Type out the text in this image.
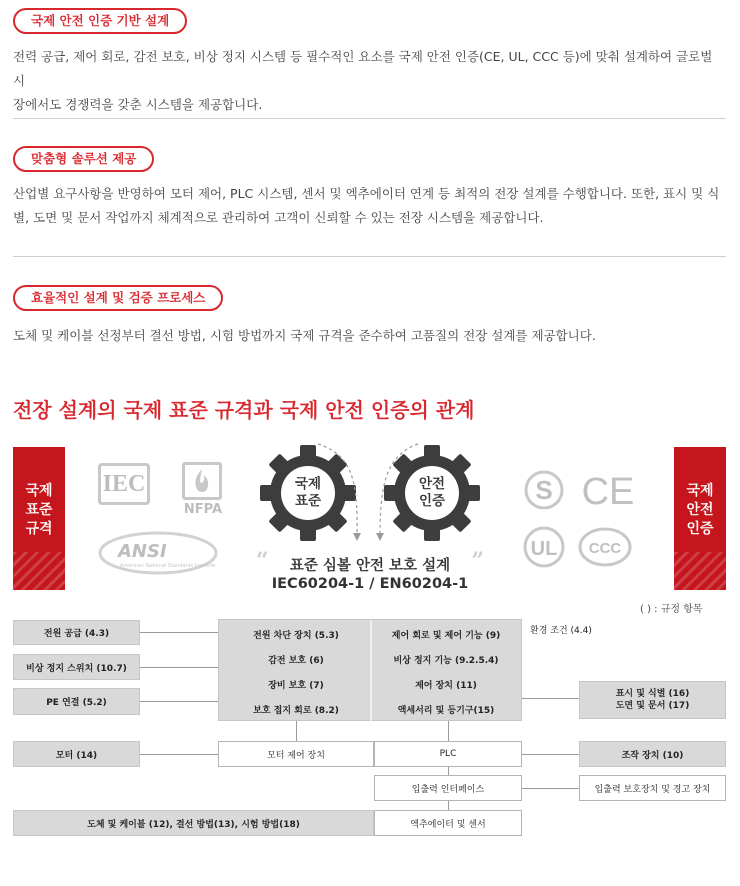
국제 안전 인증 기반 설계
전력 공급, 제어 회로, 감전 보호, 비상 정지 시스템 등 필수적인 요소를 국제 안전 인증(CE, UL, CCC 등)에 맞춰 설계하여 글로벌 시
장에서도 경쟁력을 갖춘 시스템을 제공합니다.
맞춤형 솔루션 제공
산업별 요구사항을 반영하여 모터 제어, PLC 시스템, 센서 및 엑추에이터 연계 등 최적의 전장 설계를 수행합니다. 또한, 표시 및 식
별, 도면 및 문서 작업까지 체계적으로 관리하여 고객이 신뢰할 수 있는 전장 시스템을 제공합니다.
효율적인 설계 및 검증 프로세스
도체 및 케이블 선정부터 결선 방법, 시험 방법까지 국제 규격을 준수하여 고품질의 전장 설계를 제공합니다.
전장 설계의 국제 표준 규격과 국제 안전 인증의 관계
국제
표준
규격
국제
안전
인증
IEC
NFPA
ANSI
American National Standards Institute
S CE
UL CCC
국제
표준
안전
인증
“ 표준 심볼 안전 보호 설계 ”
IEC60204-1 / EN60204-1
( ) : 규정 항목
전원 공급 (4.3)
비상 정지 스위치 (10.7)
PE 연결 (5.2)
전원 차단 장치 (5.3)
감전 보호 (6)
장비 보호 (7)
보호 접지 회로 (8.2)
제어 회로 및 제어 기능 (9)
비상 정지 기능 (9.2.5.4)
제어 장치 (11)
액세서리 및 등기구(15)
환경 조건 (4.4)
표시 및 식별 (16)
도면 및 문서 (17)
모터 (14)	모터 제어 장치	PLC	조작 장치 (10)
입출력 인터페이스	입출력 보호장치 및 경고 장치
도체 및 케이블 (12), 결선 방법(13), 시험 방법(18)	엑추에이터 및 센서
